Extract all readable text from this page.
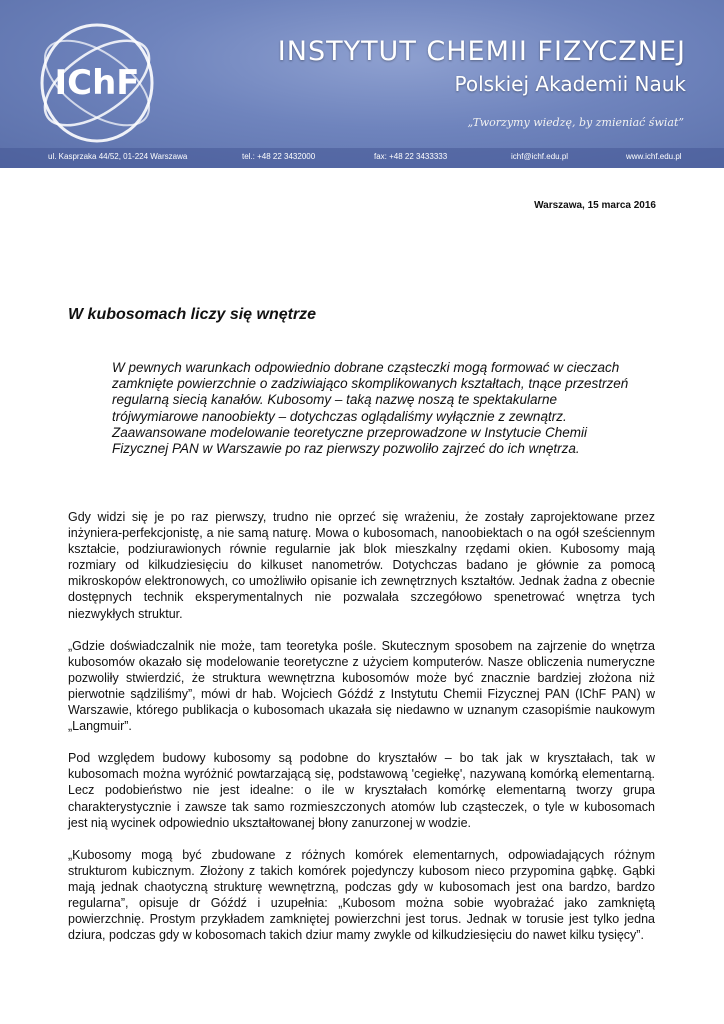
IChF
INSTYTUT CHEMII FIZYCZNEJ
Polskiej Akademii Nauk
„Tworzymy wiedzę, by zmieniać świat”
ul. Kasprzaka 44/52, 01-224 Warszawa	tel.: +48 22 3432000	fax: +48 22 3433333	ichf@ichf.edu.pl	www.ichf.edu.pl
Warszawa, 15 marca 2016
W kubosomach liczy się wnętrze
W pewnych warunkach odpowiednio dobrane cząsteczki mogą formować w cieczach zamknięte powierzchnie o zadziwiająco skomplikowanych kształtach, tnące przestrzeń regularną siecią kanałów. Kubosomy – taką nazwę noszą te spektakularne trójwymiarowe nanoobiekty – dotychczas oglądaliśmy wyłącznie z zewnątrz. Zaawansowane modelowanie teoretyczne przeprowadzone w Instytucie Chemii Fizycznej PAN w Warszawie po raz pierwszy pozwoliło zajrzeć do ich wnętrza.

Gdy widzi się je po raz pierwszy, trudno nie oprzeć się wrażeniu, że zostały zaprojektowane przez inżyniera-perfekcjonistę, a nie samą naturę. Mowa o kubosomach, nanoobiektach o na ogół sześciennym kształcie, podziurawionych równie regularnie jak blok mieszkalny rzędami okien. Kubosomy mają rozmiary od kilkudziesięciu do kilkuset nanometrów. Dotychczas badano je głównie za pomocą mikroskopów elektronowych, co umożliwiło opisanie ich zewnętrznych kształtów. Jednak żadna z obecnie dostępnych technik eksperymentalnych nie pozwalała szczegółowo spenetrować wnętrza tych niezwykłych struktur.

„Gdzie doświadczalnik nie może, tam teoretyka pośle. Skutecznym sposobem na zajrzenie do wnętrza kubosomów okazało się modelowanie teoretyczne z użyciem komputerów. Nasze obliczenia numeryczne pozwoliły stwierdzić, że struktura wewnętrzna kubosomów może być znacznie bardziej złożona niż pierwotnie sądziliśmy”, mówi dr hab. Wojciech Góźdź z Instytutu Chemii Fizycznej PAN (IChF PAN) w Warszawie, którego publikacja o kubosomach ukazała się niedawno w uznanym czasopiśmie naukowym „Langmuir”.

Pod względem budowy kubosomy są podobne do kryształów – bo tak jak w kryształach, tak w kubosomach można wyróżnić powtarzającą się, podstawową 'cegiełkę', nazywaną komórką elementarną. Lecz podobieństwo nie jest idealne: o ile w kryształach komórkę elementarną tworzy grupa charakterystycznie i zawsze tak samo rozmieszczonych atomów lub cząsteczek, o tyle w kubosomach jest nią wycinek odpowiednio ukształtowanej błony zanurzonej w wodzie.

„Kubosomy mogą być zbudowane z różnych komórek elementarnych, odpowiadających różnym strukturom kubicznym. Złożony z takich komórek pojedynczy kubosom nieco przypomina gąbkę. Gąbki mają jednak chaotyczną strukturę wewnętrzną, podczas gdy w kubosomach jest ona bardzo, bardzo regularna”, opisuje dr Góźdź i uzupełnia: „Kubosom można sobie wyobrażać jako zamkniętą powierzchnię. Prostym przykładem zamkniętej powierzchni jest torus. Jednak w torusie jest tylko jedna dziura, podczas gdy w kobosomach takich dziur mamy zwykle od kilkudziesięciu do nawet kilku tysięcy”.
